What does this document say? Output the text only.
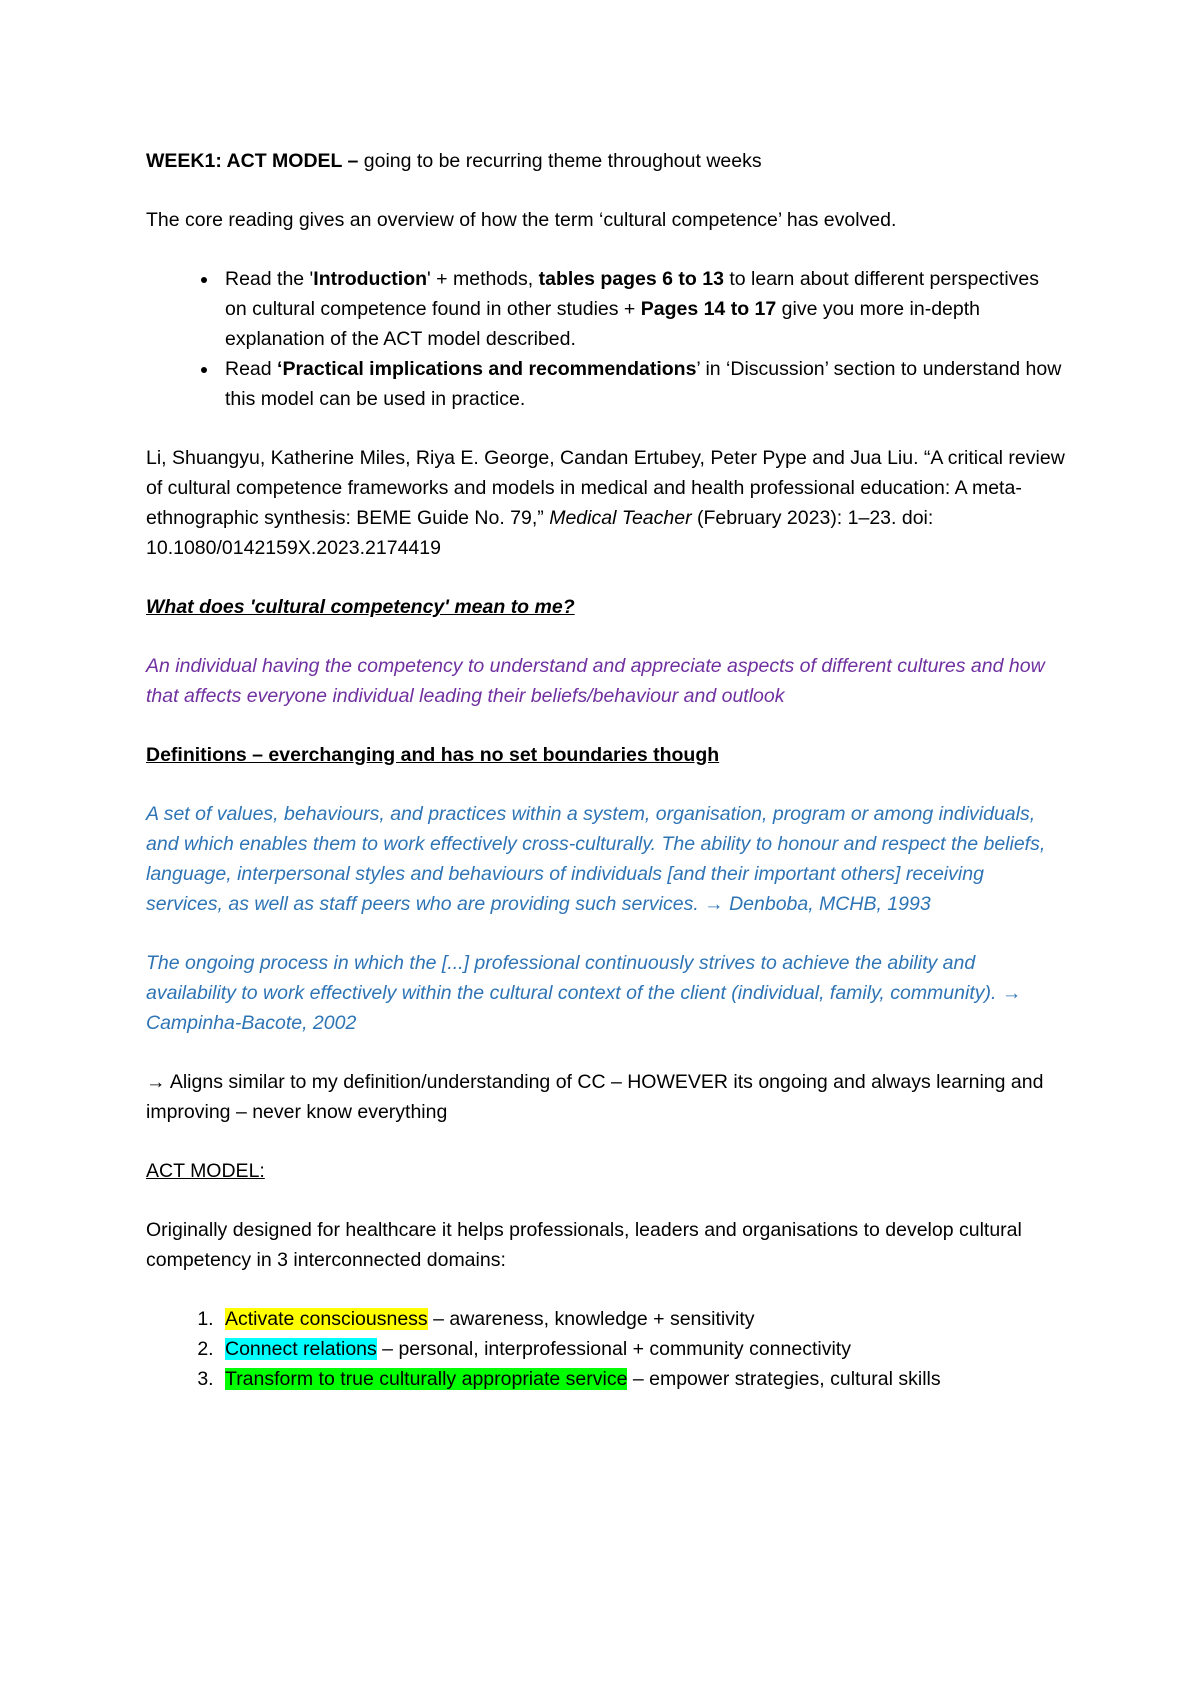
WEEK1: ACT MODEL – going to be recurring theme throughout weeks

The core reading gives an overview of how the term ‘cultural competence’ has evolved.

• Read the 'Introduction' + methods, tables pages 6 to 13 to learn about different perspectives on cultural competence found in other studies + Pages 14 to 17 give you more in-depth explanation of the ACT model described.
• Read ‘Practical implications and recommendations’ in ‘Discussion’ section to understand how this model can be used in practice.

Li, Shuangyu, Katherine Miles, Riya E. George, Candan Ertubey, Peter Pype and Jua Liu. “A critical review of cultural competence frameworks and models in medical and health professional education: A meta-ethnographic synthesis: BEME Guide No. 79,” Medical Teacher (February 2023): 1–23. doi: 10.1080/0142159X.2023.2174419

What does 'cultural competency' mean to me?

An individual having the competency to understand and appreciate aspects of different cultures and how that affects everyone individual leading their beliefs/behaviour and outlook

Definitions – everchanging and has no set boundaries though

A set of values, behaviours, and practices within a system, organisation, program or among individuals, and which enables them to work effectively cross-culturally. The ability to honour and respect the beliefs, language, interpersonal styles and behaviours of individuals [and their important others] receiving services, as well as staff peers who are providing such services. → Denboba, MCHB, 1993

The ongoing process in which the [...] professional continuously strives to achieve the ability and availability to work effectively within the cultural context of the client (individual, family, community). → Campinha-Bacote, 2002

→ Aligns similar to my definition/understanding of CC – HOWEVER its ongoing and always learning and improving – never know everything

ACT MODEL:

Originally designed for healthcare it helps professionals, leaders and organisations to develop cultural competency in 3 interconnected domains:

1. Activate consciousness – awareness, knowledge + sensitivity
2. Connect relations – personal, interprofessional + community connectivity
3. Transform to true culturally appropriate service – empower strategies, cultural skills
